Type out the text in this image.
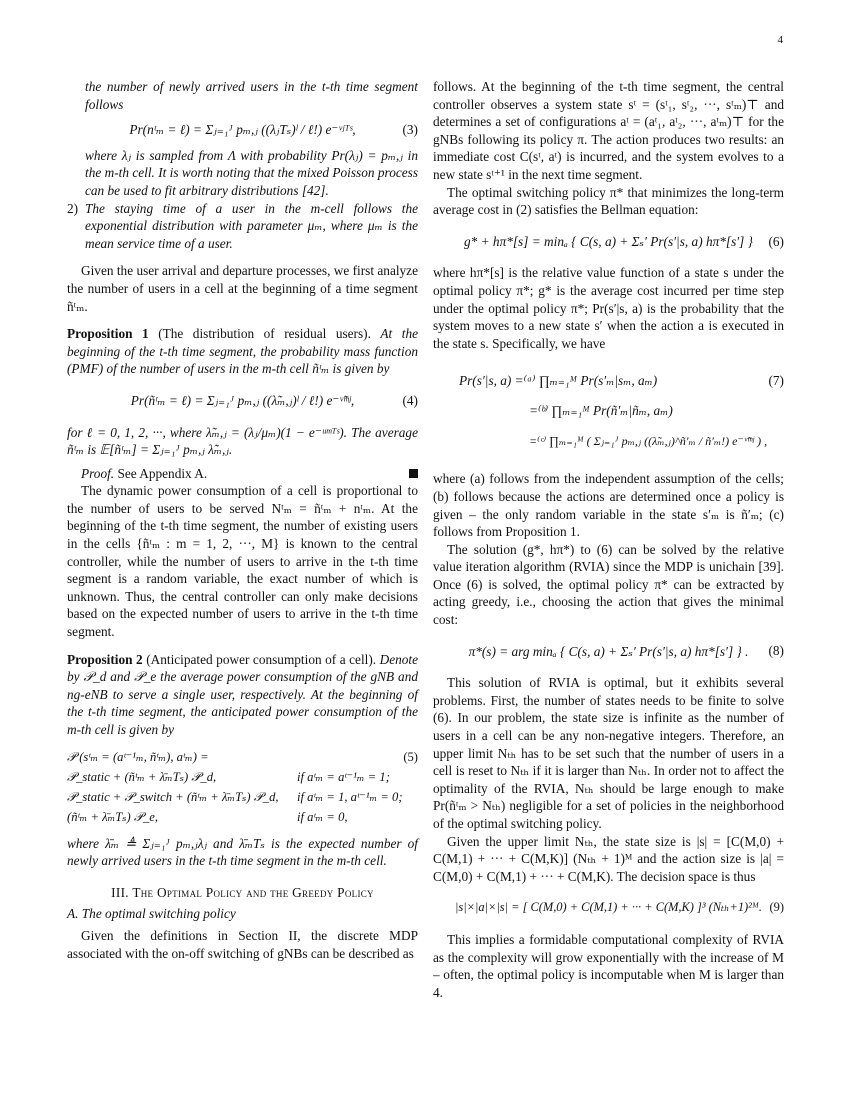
4

the number of newly arrived users in the t-th time segment follows

Pr(nᵗₘ = ℓ) = Σⱼ₌₁ᴶ pₘ,ⱼ ((λⱼTₛ)ˡ / ℓ!) e⁻ᵛʲᵀˢ,	(3)

where λⱼ is sampled from Λ with probability Pr(λⱼ) = pₘ,ⱼ in the m-th cell. It is worth noting that the mixed Poisson process can be used to fit arbitrary distributions [42].

2) The staying time of a user in the m-cell follows the exponential distribution with parameter μₘ, where μₘ is the mean service time of a user.

Given the user arrival and departure processes, we first analyze the number of users in a cell at the beginning of a time segment ñᵗₘ.

Proposition 1 (The distribution of residual users). At the beginning of the t-th time segment, the probability mass function (PMF) of the number of users in the m-th cell ñᵗₘ is given by

Pr(ñᵗₘ = ℓ) = Σⱼ₌₁ᴶ pₘ,ⱼ ((λ̃ₘ,ⱼ)ˡ / ℓ!) e⁻ᵛ̃ᵐʲ,	(4)

for ℓ = 0, 1, 2, ···, where λ̃ₘ,ⱼ = (λⱼ/μₘ)(1 − e⁻ᵘᵐᵀˢ). The average ñᵗₘ is 𝔼[ñᵗₘ] = Σⱼ₌₁ᴶ pₘ,ⱼ λ̃ₘ,ⱼ.

Proof. See Appendix A.

The dynamic power consumption of a cell is proportional to the number of users to be served Nᵗₘ = ñᵗₘ + nᵗₘ. At the beginning of the t-th time segment, the number of existing users in the cells {ñᵗₘ : m = 1, 2, ···, M} is known to the central controller, while the number of users to arrive in the t-th time segment is a random variable, the exact number of which is unknown. Thus, the central controller can only make decisions based on the expected number of users to arrive in the t-th time segment.

Proposition 2 (Anticipated power consumption of a cell). Denote by 𝒫_d and 𝒫_e the average power consumption of the gNB and ng-eNB to serve a single user, respectively. At the beginning of the t-th time segment, the anticipated power consumption of the m-th cell is given by

𝒫 (sᵗₘ = (aᵗ⁻¹ₘ, ñᵗₘ), aᵗₘ) =	(5)
𝒫_static + (ñᵗₘ + λ̄ₘTₛ) 𝒫_d,	if aᵗₘ = aᵗ⁻¹ₘ = 1;
𝒫_static + 𝒫_switch + (ñᵗₘ + λ̄ₘTₛ) 𝒫_d,	if aᵗₘ = 1, aᵗ⁻¹ₘ = 0;
(ñᵗₘ + λ̄ₘTₛ) 𝒫_e,	if aᵗₘ = 0,

where λ̄ₘ ≜ Σⱼ₌₁ᴶ pₘ,ⱼλⱼ and λ̄ₘTₛ is the expected number of newly arrived users in the t-th time segment in the m-th cell.

III. The Optimal Policy and the Greedy Policy
A. The optimal switching policy

Given the definitions in Section II, the discrete MDP associated with the on-off switching of gNBs can be described as

follows. At the beginning of the t-th time segment, the central controller observes a system state sᵗ = (sᵗ₁, sᵗ₂, ···, sᵗₘ)⊤ and determines a set of configurations aᵗ = (aᵗ₁, aᵗ₂, ···, aᵗₘ)⊤ for the gNBs following its policy π. The action produces two results: an immediate cost C(sᵗ, aᵗ) is incurred, and the system evolves to a new state sᵗ⁺¹ in the next time segment.

The optimal switching policy π* that minimizes the long-term average cost in (2) satisfies the Bellman equation:

g* + hπ*[s] = minₐ { C(s, a) + Σₛ′ Pr(s′|s, a) hπ*[s′] } (6)

where hπ*[s] is the relative value function of a state s under the optimal policy π*; g* is the average cost incurred per time step under the optimal policy π*; Pr(s′|s, a) is the probability that the system moves to a new state s′ when the action a is executed in the state s. Specifically, we have

Pr(s′|s, a) =⁽ᵃ⁾ ∏ₘ₌₁ᴹ Pr(s′ₘ|sₘ, aₘ)	(7)
=⁽ᵇ⁾ ∏ₘ₌₁ᴹ Pr(ñ′ₘ|ñₘ, aₘ)
=⁽ᶜ⁾ ∏ₘ₌₁ᴹ ( Σⱼ₌₁ᴶ pₘ,ⱼ ((λ̃ₘ,ⱼ)^ñ′ₘ / ñ′ₘ!) e⁻ᵛ̃ᵐʲ ) ,

where (a) follows from the independent assumption of the cells; (b) follows because the actions are determined once a policy is given – the only random variable in the state s′ₘ is ñ′ₘ; (c) follows from Proposition 1.

The solution (g*, hπ*) to (6) can be solved by the relative value iteration algorithm (RVIA) since the MDP is unichain [39]. Once (6) is solved, the optimal policy π* can be extracted by acting greedy, i.e., choosing the action that gives the minimal cost:

π*(s) = arg minₐ { C(s, a) + Σₛ′ Pr(s′|s, a) hπ*[s′] } . (8)

This solution of RVIA is optimal, but it exhibits several problems. First, the number of states needs to be finite to solve (6). In our problem, the state size is infinite as the number of users in a cell can be any non-negative integers. Therefore, an upper limit Nₜₕ has to be set such that the number of users in a cell is reset to Nₜₕ if it is larger than Nₜₕ. In order not to affect the optimality of the RVIA, Nₜₕ should be large enough to make Pr(ñᵗₘ > Nₜₕ) negligible for a set of policies in the neighborhood of the optimal switching policy.

Given the upper limit Nₜₕ, the state size is |s| = [C(M,0) + C(M,1) + ··· + C(M,K)] (Nₜₕ + 1)ᴹ and the action size is |a| = C(M,0) + C(M,1) + ··· + C(M,K). The decision space is thus

|s|×|a|×|s| = [ C(M,0) + C(M,1) + ··· + C(M,K) ]³ (Nₜₕ+1)²ᴹ. (9)

This implies a formidable computational complexity of RVIA as the complexity will grow exponentially with the increase of M – often, the optimal policy is incomputable when M is larger than 4.
